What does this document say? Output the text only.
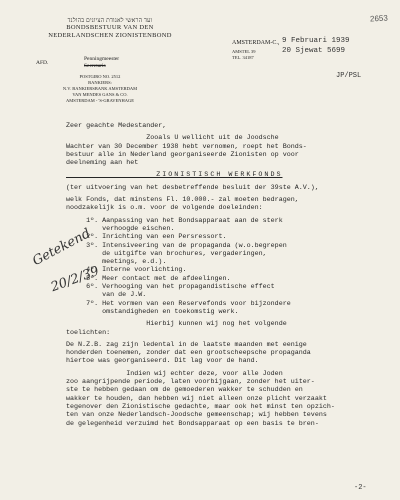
2653
ועד הראשי לאגודת הציונים בהולנד
BONDSBESTUUR VAN DEN
NEDERLANDSCHEN ZIONISTENBOND
AFD.
Penningmeester
Secretaris
POSTGIRO NO. 2512
BANKIERS:
N.V. BANKIERSBANK AMSTERDAM
VAN MENDES GANS & CO.
AMSTERDAM - 'S-GRAVENHAGE
AMSTERDAM-C.,
AMSTEL 39
TEL. 34187
9 Februari 1939
20 Sjewat 5699
JP/PSL
Zeer geachte Medestander,
Zooals U wellicht uit de Joodsche
Wachter van 30 December 1938 hebt vernomen, roept het Bonds-
bestuur alle in Nederland georganiseerde Zionisten op voor
deelneming aan het
ZIONISTISCH WERKFONDS
(ter uitvoering van het desbetreffende besluit der 39ste A.V.),
welk Fonds, dat minstens Fl. 10.000.- zal moeten bedragen,
noodzakelijk is o.m. voor de volgende doeleinden:
1º. Aanpassing van het Bondsapparaat aan de sterk
verhoogde eischen.
2º. Inrichting van een Persressort.
3º. Intensiveering van de propaganda (w.o.begrepen
de uitgifte van brochures, vergaderingen,
meetings, e.d.).
4º. Interne voorlichting.
5º. Meer contact met de afdeelingen.
6º. Verhooging van het propagandistische effect
van de J.W.
7º. Het vormen van een Reservefonds voor bijzondere
omstandigheden en toekomstig werk.
Hierbij kunnen wij nog het volgende
toelichten:
De N.Z.B. zag zijn ledental in de laatste maanden met eenige
honderden toenemen, zonder dat een grootscheepsche propaganda
hiertoe was georganiseerd. Dit lag voor de hand.
Indien wij echter deze, voor alle Joden
zoo aangrijpende periode, laten voorbijgaan, zonder het uiter-
ste te hebben gedaan om de gemoederen wakker te schudden en
wakker te houden, dan hebben wij niet alleen onze plicht verzaakt
tegenover den Zionistische gedachte, maar ook het minst ten opzich-
ten van onze Nederlandsch-Joodsche gemeenschap; wij hebben tevens
de gelegenheid verzuimd het Bondsapparaat op een basis te bren-
Getekend
20/2/39
-2-
